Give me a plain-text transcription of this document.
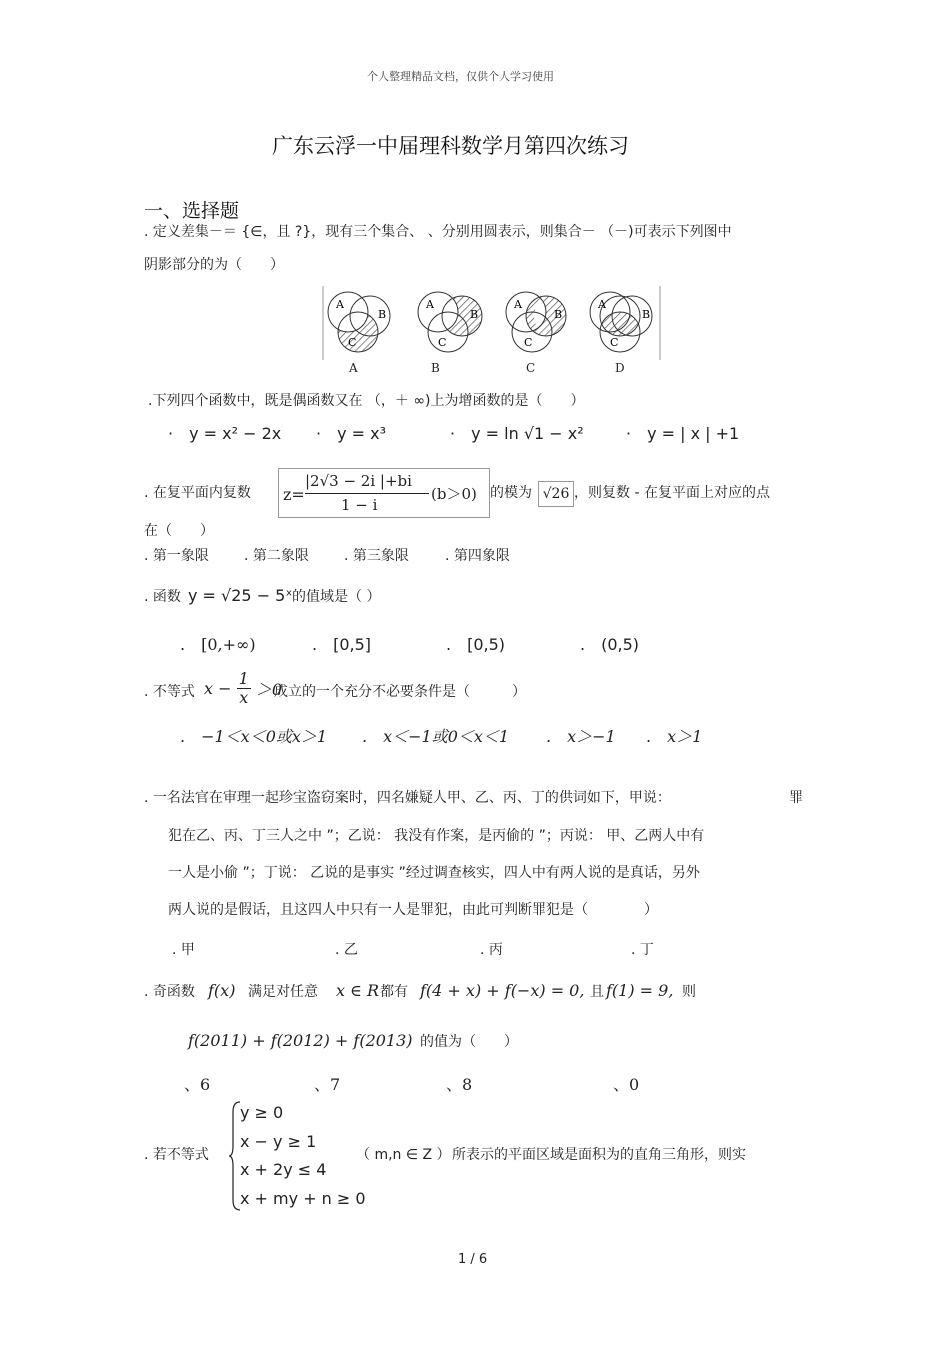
个人整理精品文档，仅供个人学习使用
广东云浮一中届理科数学月第四次练习
一、选择题
. 定义差集－＝ {∈，且 ?}，现有三个集合、 、分别用圆表示，则集合－ （－)可表示下列图中
阴影部分的为（　　）
A
B
C
A
B
C
A
B
C
A
B
C
A	B	C	D
.下列四个函数中，既是偶函数又在 （，＋ ∞)上为增函数的是（　　）
·　y = x² − 2x ·　y = x³	·　y = ln √1 − x²	·　y = | x | +1
. 在复平面内复数 z=
|2√3 − 2i |+bi
1 − i
(b＞0) 的模为 √26 ，则复数 - 在复平面上对应的点
在（　　）
. 第一象限	. 第二象限	. 第三象限	. 第四象限
. 函数 y = √25 − 5ˣ 的值域是（ ）
.　[0,+∞)	.　[0,5]	.　[0,5)	.　(0,5)
. 不等式 $x - \frac{1}{x} >0$
成立的一个充分不必要条件是（　　　）
.　−1＜x＜0或x＞1 .　x＜−1或0＜x＜1 .　x＞−1 .　x＞1
. 一名法官在审理一起珍宝盗窃案时，四名嫌疑人甲、乙、丙、丁的供词如下，甲说：	罪
犯在乙、丙、丁三人之中 ”；乙说： 我没有作案，是丙偷的 ”；丙说： 甲、乙两人中有
一人是小偷 ”；丁说： 乙说的是事实 ”经过调查核实，四人中有两人说的是真话，另外
两人说的是假话，且这四人中只有一人是罪犯，由此可判断罪犯是（　　　　）
. 甲	. 乙	. 丙	. 丁
. 奇函数 f(x) 满足对任意 x ∈ R 都有 f(4 + x) + f(−x) = 0, 且 f(1) = 9, 则
f(2011) + f(2012) + f(2013) 的值为（　　）
、6	、7	、8	、0
. 若不等式
y ≥ 0
x − y ≥ 1
x + 2y ≤ 4
x + my + n ≥ 0
（ m,n ∈ Z ） 所表示的平面区域是面积为的直角三角形，则实
1 / 6
